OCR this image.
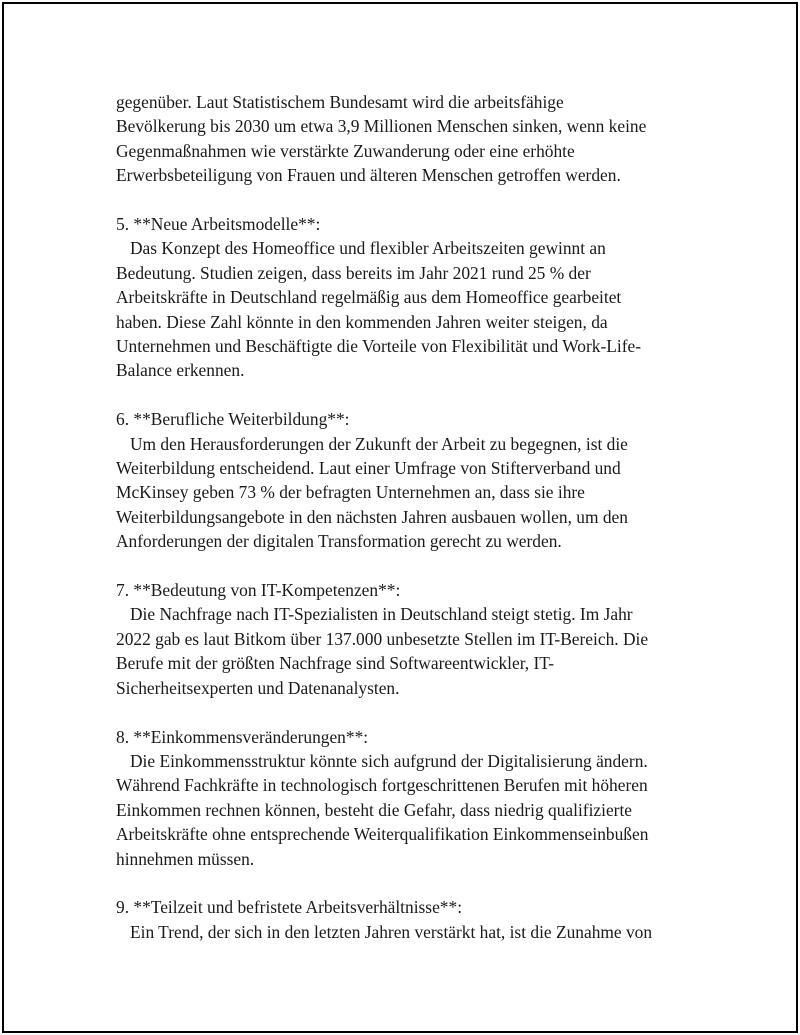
gegenüber. Laut Statistischem Bundesamt wird die arbeitsfähige
Bevölkerung bis 2030 um etwa 3,9 Millionen Menschen sinken, wenn keine
Gegenmaßnahmen wie verstärkte Zuwanderung oder eine erhöhte
Erwerbsbeteiligung von Frauen und älteren Menschen getroffen werden.
5. **Neue Arbeitsmodelle**:
Das Konzept des Homeoffice und flexibler Arbeitszeiten gewinnt an
Bedeutung. Studien zeigen, dass bereits im Jahr 2021 rund 25 % der
Arbeitskräfte in Deutschland regelmäßig aus dem Homeoffice gearbeitet
haben. Diese Zahl könnte in den kommenden Jahren weiter steigen, da
Unternehmen und Beschäftigte die Vorteile von Flexibilität und Work-Life-
Balance erkennen.
6. **Berufliche Weiterbildung**:
Um den Herausforderungen der Zukunft der Arbeit zu begegnen, ist die
Weiterbildung entscheidend. Laut einer Umfrage von Stifterverband und
McKinsey geben 73 % der befragten Unternehmen an, dass sie ihre
Weiterbildungsangebote in den nächsten Jahren ausbauen wollen, um den
Anforderungen der digitalen Transformation gerecht zu werden.
7. **Bedeutung von IT-Kompetenzen**:
Die Nachfrage nach IT-Spezialisten in Deutschland steigt stetig. Im Jahr
2022 gab es laut Bitkom über 137.000 unbesetzte Stellen im IT-Bereich. Die
Berufe mit der größten Nachfrage sind Softwareentwickler, IT-
Sicherheitsexperten und Datenanalysten.
8. **Einkommensveränderungen**:
Die Einkommensstruktur könnte sich aufgrund der Digitalisierung ändern.
Während Fachkräfte in technologisch fortgeschrittenen Berufen mit höheren
Einkommen rechnen können, besteht die Gefahr, dass niedrig qualifizierte
Arbeitskräfte ohne entsprechende Weiterqualifikation Einkommenseinbußen
hinnehmen müssen.
9. **Teilzeit und befristete Arbeitsverhältnisse**:
Ein Trend, der sich in den letzten Jahren verstärkt hat, ist die Zunahme von
